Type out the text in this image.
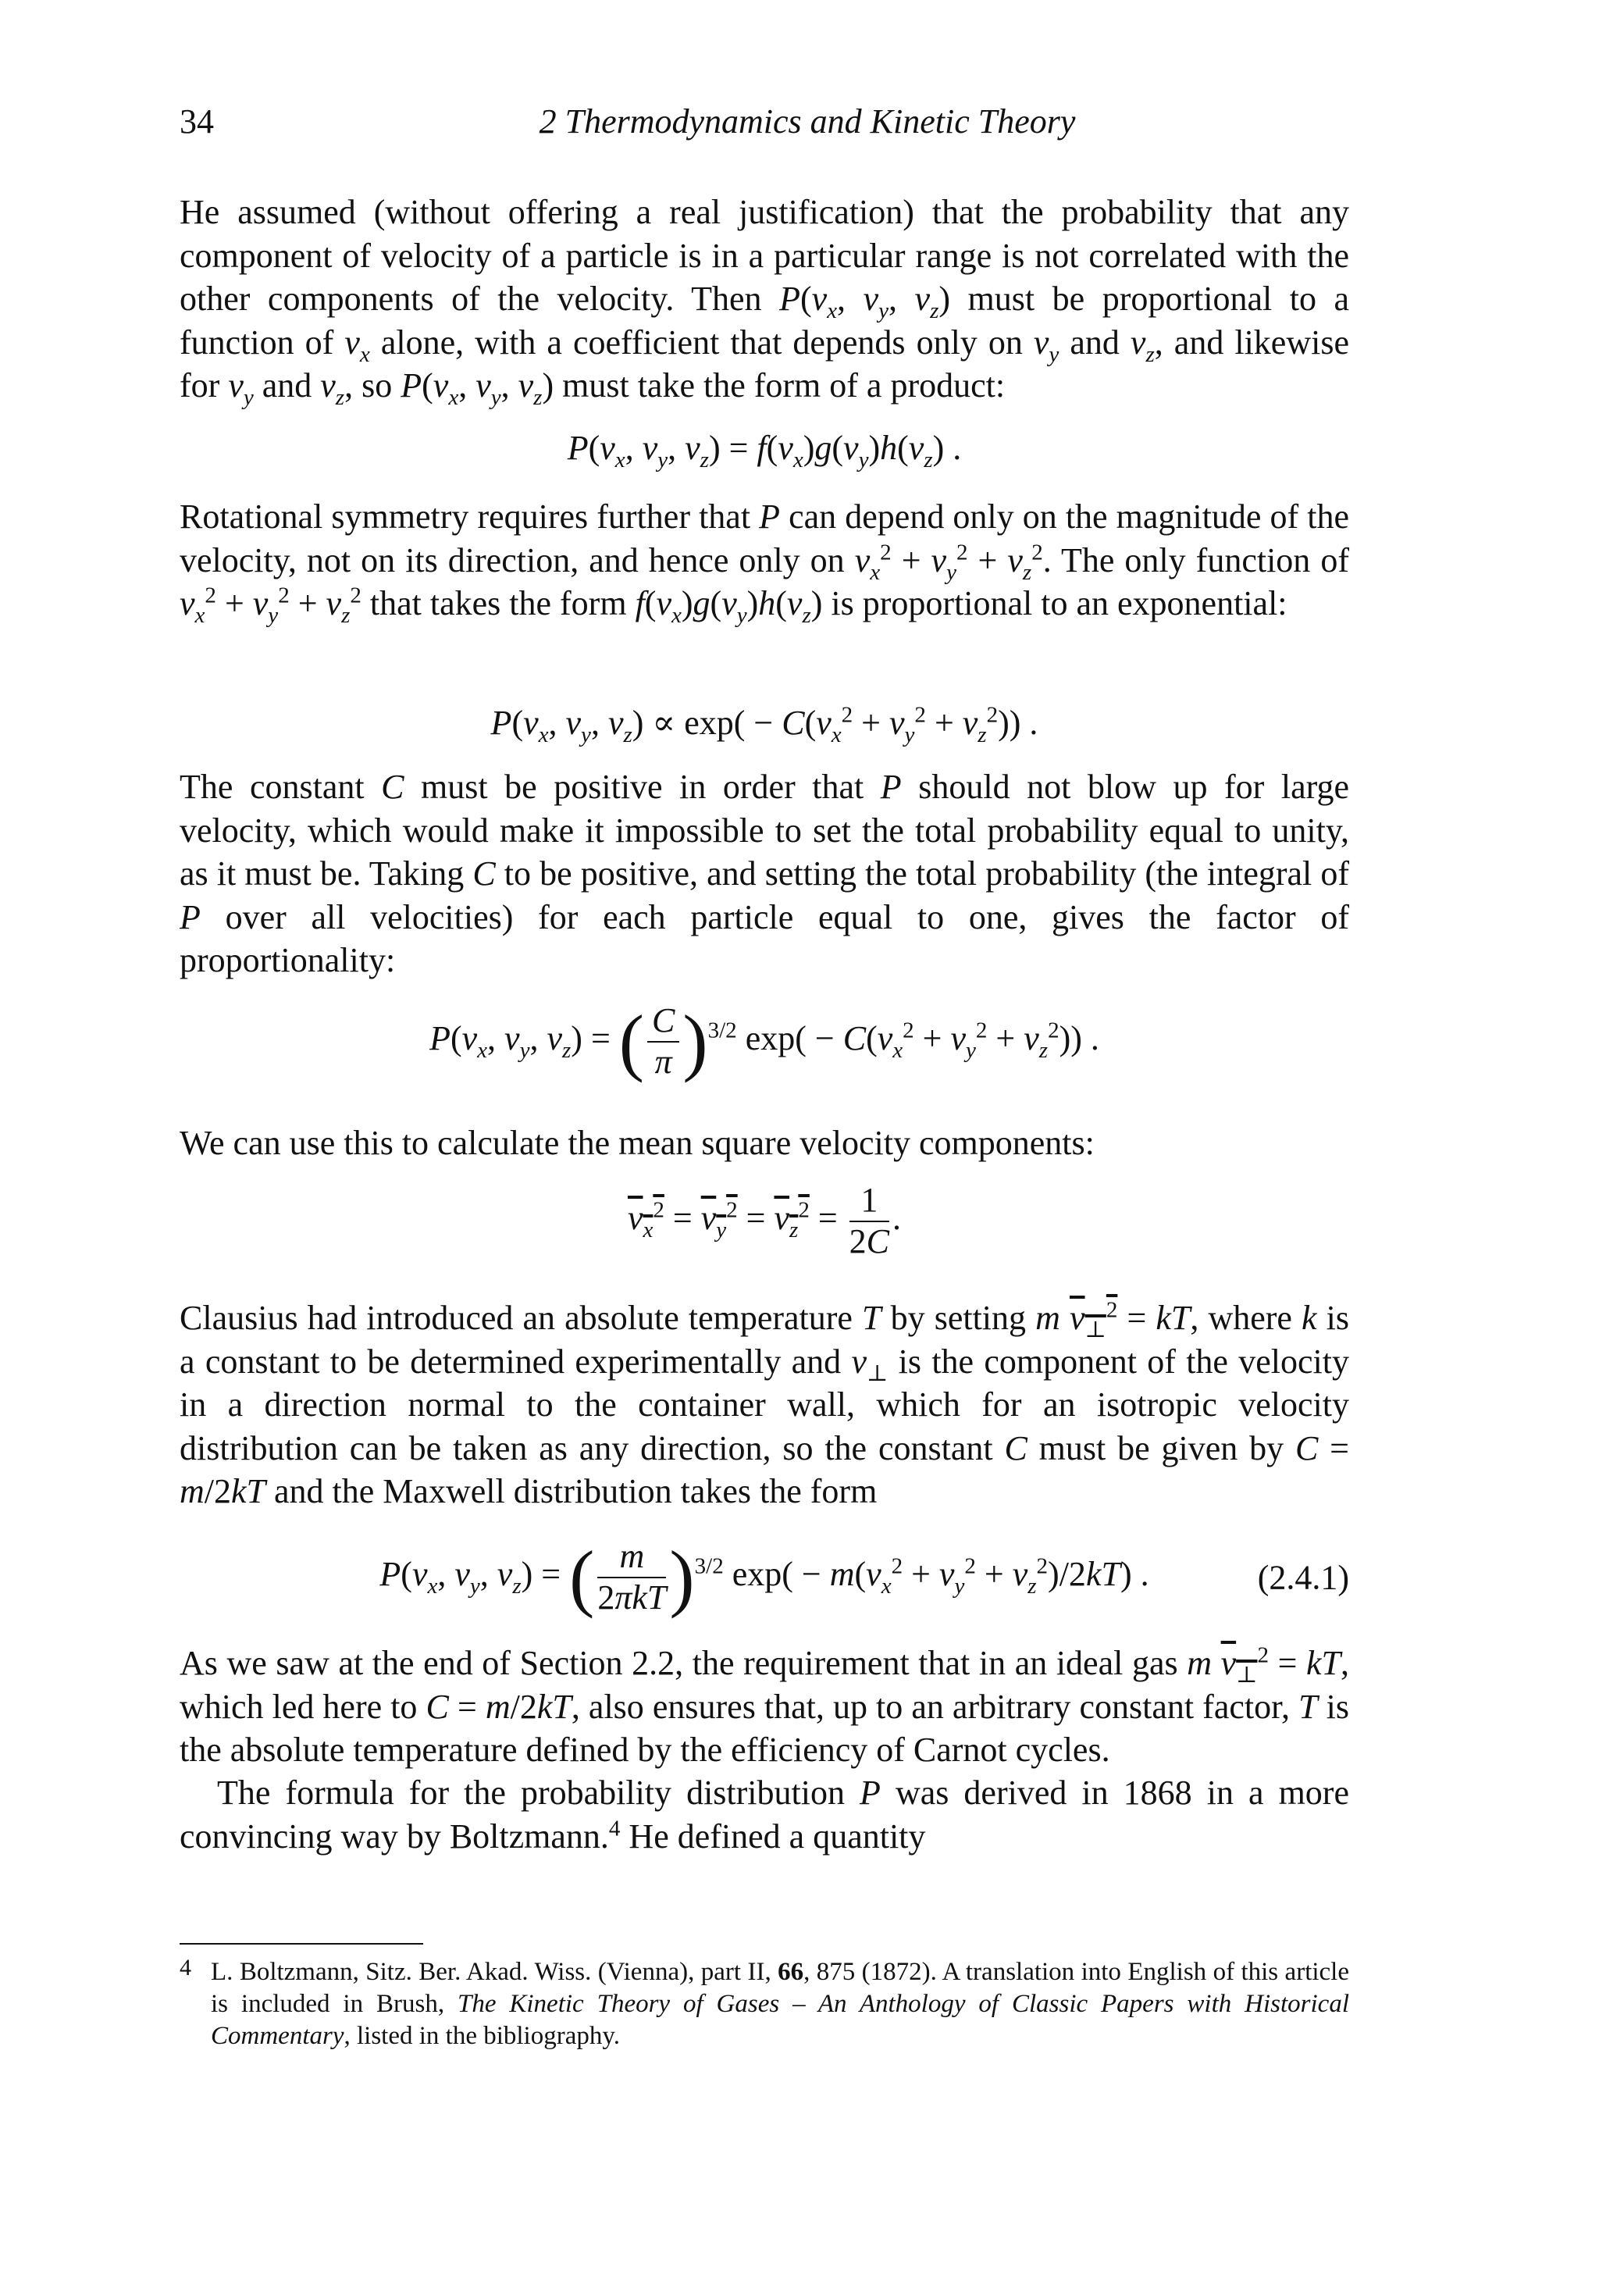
34	2 Thermodynamics and Kinetic Theory

He assumed (without offering a real justification) that the probability that any component of velocity of a particle is in a particular range is not correlated with the other components of the velocity. Then $P(v_x$, $v_y$, $v_z$) must be proportional to a function of $v_x$ alone, with a coefficient that depends only on $v_y$ and $v_z$, and likewise for $v_y$ and $v_z$, so $P(v_x$, $v_y$, $v_z$) must take the form of a product:

$P(v_x$, $v_y$, $v_z) = f(v_x)g(v_y)h(v_z)$ .

Rotational symmetry requires further that P can depend only on the magnitude of the velocity, not on its direction, and hence only on $v_x^2 + v_y^2 + v_z^2$. The only function of $v_x^2 + v_y^2 + v_z^2$ that takes the form $f(v_x)g(v_y)h(v_z)$ is proportional to an exponential:

$P(v_x$, $v_y$, $v_z) \propto \exp( - C(v_x^2 + v_y^2 + v_z^2))$ .

The constant C must be positive in order that P should not blow up for large velocity, which would make it impossible to set the total probability equal to unity, as it must be. Taking C to be positive, and setting the total probability (the integral of P over all velocities) for each particle equal to one, gives the factor of proportionality:

$P(v_x$, $v_y$, $v_z$) = ( $\frac{C}{\pi} )^{3/2}$ $\exp( - C(v_x^2 + v_y^2 + v_z^2))$ .

We can use this to calculate the mean square velocity components:

$v_x^2 = v_y^2 = v_z^2 = \frac{1}{2C}$ .

Clausius had introduced an absolute temperature T by setting m $v_\perp^2$ = kT, where k is a constant to be determined experimentally and $v_\perp$ is the component of the velocity in a direction normal to the container wall, which for an isotropic velocity distribution can be taken as any direction, so the constant C must be given by C = m/2kT and the Maxwell distribution takes the form

$P(v_x$, $v_y$, $v_z$) = ( $\frac{m}{\text{2πkT}} )^{3/2}$ $\exp( - m(v_x^2 + v_y^2 + v_z^2)/2kT)$ .	(2.4.1)

As we saw at the end of Section 2.2, the requirement that in an ideal gas m $v_\perp^2$ = kT, which led here to C = m/2kT, also ensures that, up to an arbitrary constant factor, T is the absolute temperature defined by the efficiency of Carnot cycles.

The formula for the probability distribution P was derived in 1868 in a more convincing way by Boltzmann.$^4$ He defined a quantity

4 L. Boltzmann, Sitz. Ber. Akad. Wiss. (Vienna), part II, 66, 875 (1872). A translation into English of this article is included in Brush, The Kinetic Theory of Gases – An Anthology of Classic Papers with Historical Commentary, listed in the bibliography.
